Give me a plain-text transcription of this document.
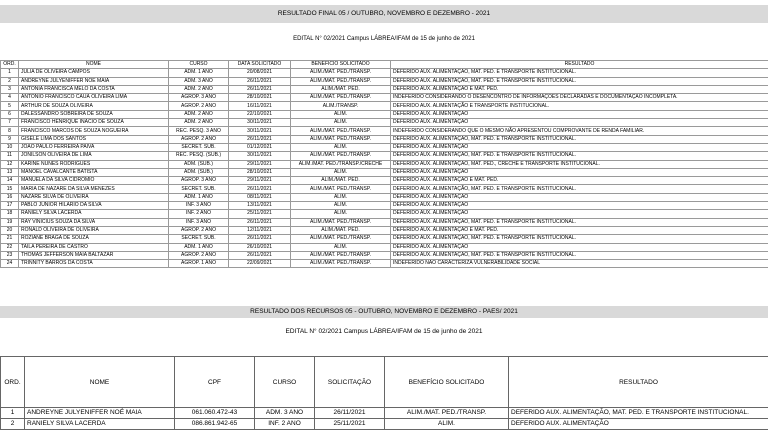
RESULTADO FINAL 05 / OUTUBRO, NOVEMBRO E DEZEMBRO - 2021
EDITAL N° 02/2021 Campus LÁBREA/IFAM de 15 de junho de 2021
ORD.	NOME	CURSO	DATA SOLICITADO	BENEFÍCIO SOLICITADO	RESULTADO
1	JULIA DE OLIVEIRA CAMPOS	ADM. 1 ANO	20/08/2021	ALIM./MAT. PED./TRANSP.	DEFERIDO AUX. ALIMENTAÇÃO, MAT. PED. E TRANSPORTE INSTITUCIONAL.
2	ANDREYNE JULYENIFFER NOÉ MAIA	ADM. 3 ANO	26/11/2021	ALIM./MAT. PED./TRANSP.	DEFERIDO AUX. ALIMENTAÇÃO, MAT. PED. E TRANSPORTE INSTITUCIONAL.
3	ANTONIA FRANCISCA MELO DA COSTA	ADM. 2 ANO	26/11/2021	ALIM./MAT. PED.	DEFERIDO AUX. ALIMENTAÇÃO E MAT. PED.
4	ANTONIO FRANCISCO CAUÃ OLIVEIRA LIMA	AGROP. 3 ANO	28/10/2021	ALIM./MAT. PED./TRANSP.	INDEFERIDO CONSIDERANDO O DESENCONTRO DE INFORMAÇÕES DECLARADAS E DOCUMENTAÇÃO INCOMPLETA.
5	ARTHUR DE SOUZA OLIVEIRA	AGROP. 2 ANO	16/11/2021	ALIM./TRANSP.	DEFERIDO AUX. ALIMENTAÇÃO E TRANSPORTE INSTITUCIONAL.
6	DALESSANDRO SOBREIRA DE SOUZA	ADM. 2 ANO	22/10/2021	ALIM.	DEFERIDO AUX. ALIMENTAÇÃO
7	FRANCISCO HENRIQUE INACIO DE SOUZA	ADM. 2 ANO	30/11/2021	ALIM.	DEFERIDO AUX. ALIMENTAÇÃO
8	FRANCISCO MARCOS DE SOUZA NOGUEIRA	REC. PESQ. 3 ANO	30/11/2021	ALIM./MAT. PED./TRANSP.	INDEFERIDO CONSIDERANDO QUE O MESMO NÃO APRESENTOU COMPROVANTE DE RENDA FAMILIAR.
9	GISELE LIMA DOS SANTOS	AGROP. 2 ANO	26/11/2021	ALIM./MAT. PED./TRANSP.	DEFERIDO AUX. ALIMENTAÇÃO, MAT. PED. E TRANSPORTE INSTITUCIONAL.
10	JOÃO PAULO FERREIRA PAIVA	SECRET. SUB.	01/12/2021	ALIM.	DEFERIDO AUX. ALIMENTAÇÃO
11	JONILSON OLIVEIRA DE LIMA	REC. PESQ. (SUB.)	30/11/2021	ALIM./MAT. PED./TRANSP.	DEFERIDO AUX. ALIMENTAÇÃO, MAT. PED. E TRANSPORTE INSTITUCIONAL.
12	KARINE NUNES RODRIGUES	ADM. (SUB.)	29/11/2021	ALIM./MAT. PED./TRANSP./CRECHE	DEFERIDO AUX. ALIMENTAÇÃO, MAT. PED., CRECHE E TRANSPORTE INSTITUCIONAL.
13	MANOEL CAVALCANTE BATISTA	ADM. (SUB.)	28/10/2021	ALIM.	DEFERIDO AUX. ALIMENTAÇÃO
14	MANUELA DA SILVA CIDROMIO	AGROP. 3 ANO	29/11/2021	ALIM./MAT. PED.	DEFERIDO AUX. ALIMENTAÇÃO E MAT. PED.
15	MARIA DE NAZARE DA SILVA MENEZES	SECRET. SUB.	26/11/2021	ALIM./MAT. PED./TRANSP.	DEFERIDO AUX. ALIMENTAÇÃO, MAT. PED. E TRANSPORTE INSTITUCIONAL.
16	NAZARE SILVA DE OLIVEIRA	ADM. 1 ANO	08/11/2021	ALIM.	DEFERIDO AUX. ALIMENTAÇÃO
17	PABLO JUNIOR HILARIO DA SILVA	INF. 3 ANO	13/11/2021	ALIM.	DEFERIDO AUX. ALIMENTAÇÃO
18	RANIELY SILVA LACERDA	INF. 2 ANO	25/11/2021	ALIM.	DEFERIDO AUX. ALIMENTAÇÃO
19	RAY VINICIUS SOUZA DA SILVA	INF. 3 ANO	26/11/2021	ALIM./MAT. PED./TRANSP.	DEFERIDO AUX. ALIMENTAÇÃO, MAT. PED. E TRANSPORTE INSTITUCIONAL.
20	RONALD OLIVEIRA DE OLIVEIRA	AGROP. 2 ANO	12/11/2021	ALIM./MAT. PED.	DEFERIDO AUX. ALIMENTAÇÃO E MAT. PED.
21	ROZIANE BRAGA DE SOUZA	SECRET. SUB.	26/11/2021	ALIM./MAT. PED./TRANSP.	DEFERIDO AUX. ALIMENTAÇÃO, MAT. PED. E TRANSPORTE INSTITUCIONAL.
22	TAILA PEREIRA DE CASTRO	ADM. 1 ANO	26/10/2021	ALIM.	DEFERIDO AUX. ALIMENTAÇÃO
23	THOMAS JEFFERSON MAIA BALTAZAR	AGROP. 2 ANO	26/11/2021	ALIM./MAT. PED./TRANSP.	DEFERIDO AUX. ALIMENTAÇÃO, MAT. PED. E TRANSPORTE INSTITUCIONAL.
24	TRINNITY BARROS DA COSTA	AGROP. 1 ANO	22/09/2021	ALIM./MAT. PED./TRANSP.	INDEFERIDO NÃO CARACTERIZA VULNERABILIDADE SOCIAL
RESULTADO DOS RECURSOS 05 - OUTUBRO, NOVEMBRO E DEZEMBRO - PAES/ 2021
EDITAL N° 02/2021 Campus LÁBREA/IFAM de 15 de junho de 2021
ORD.	NOME	CPF	CURSO	SOLICITAÇÃO	BENEFÍCIO SOLICITADO	RESULTADO
1	ANDREYNE JULYENIFFER NOÉ MAIA	061.060.472-43	ADM. 3 ANO	26/11/2021	ALIM./MAT. PED./TRANSP.	DEFERIDO AUX. ALIMENTAÇÃO, MAT. PED. E TRANSPORTE INSTITUCIONAL.
2	RANIELY SILVA LACERDA	086.861.942-65	INF. 2 ANO	25/11/2021	ALIM.	DEFERIDO AUX. ALIMENTAÇÃO
